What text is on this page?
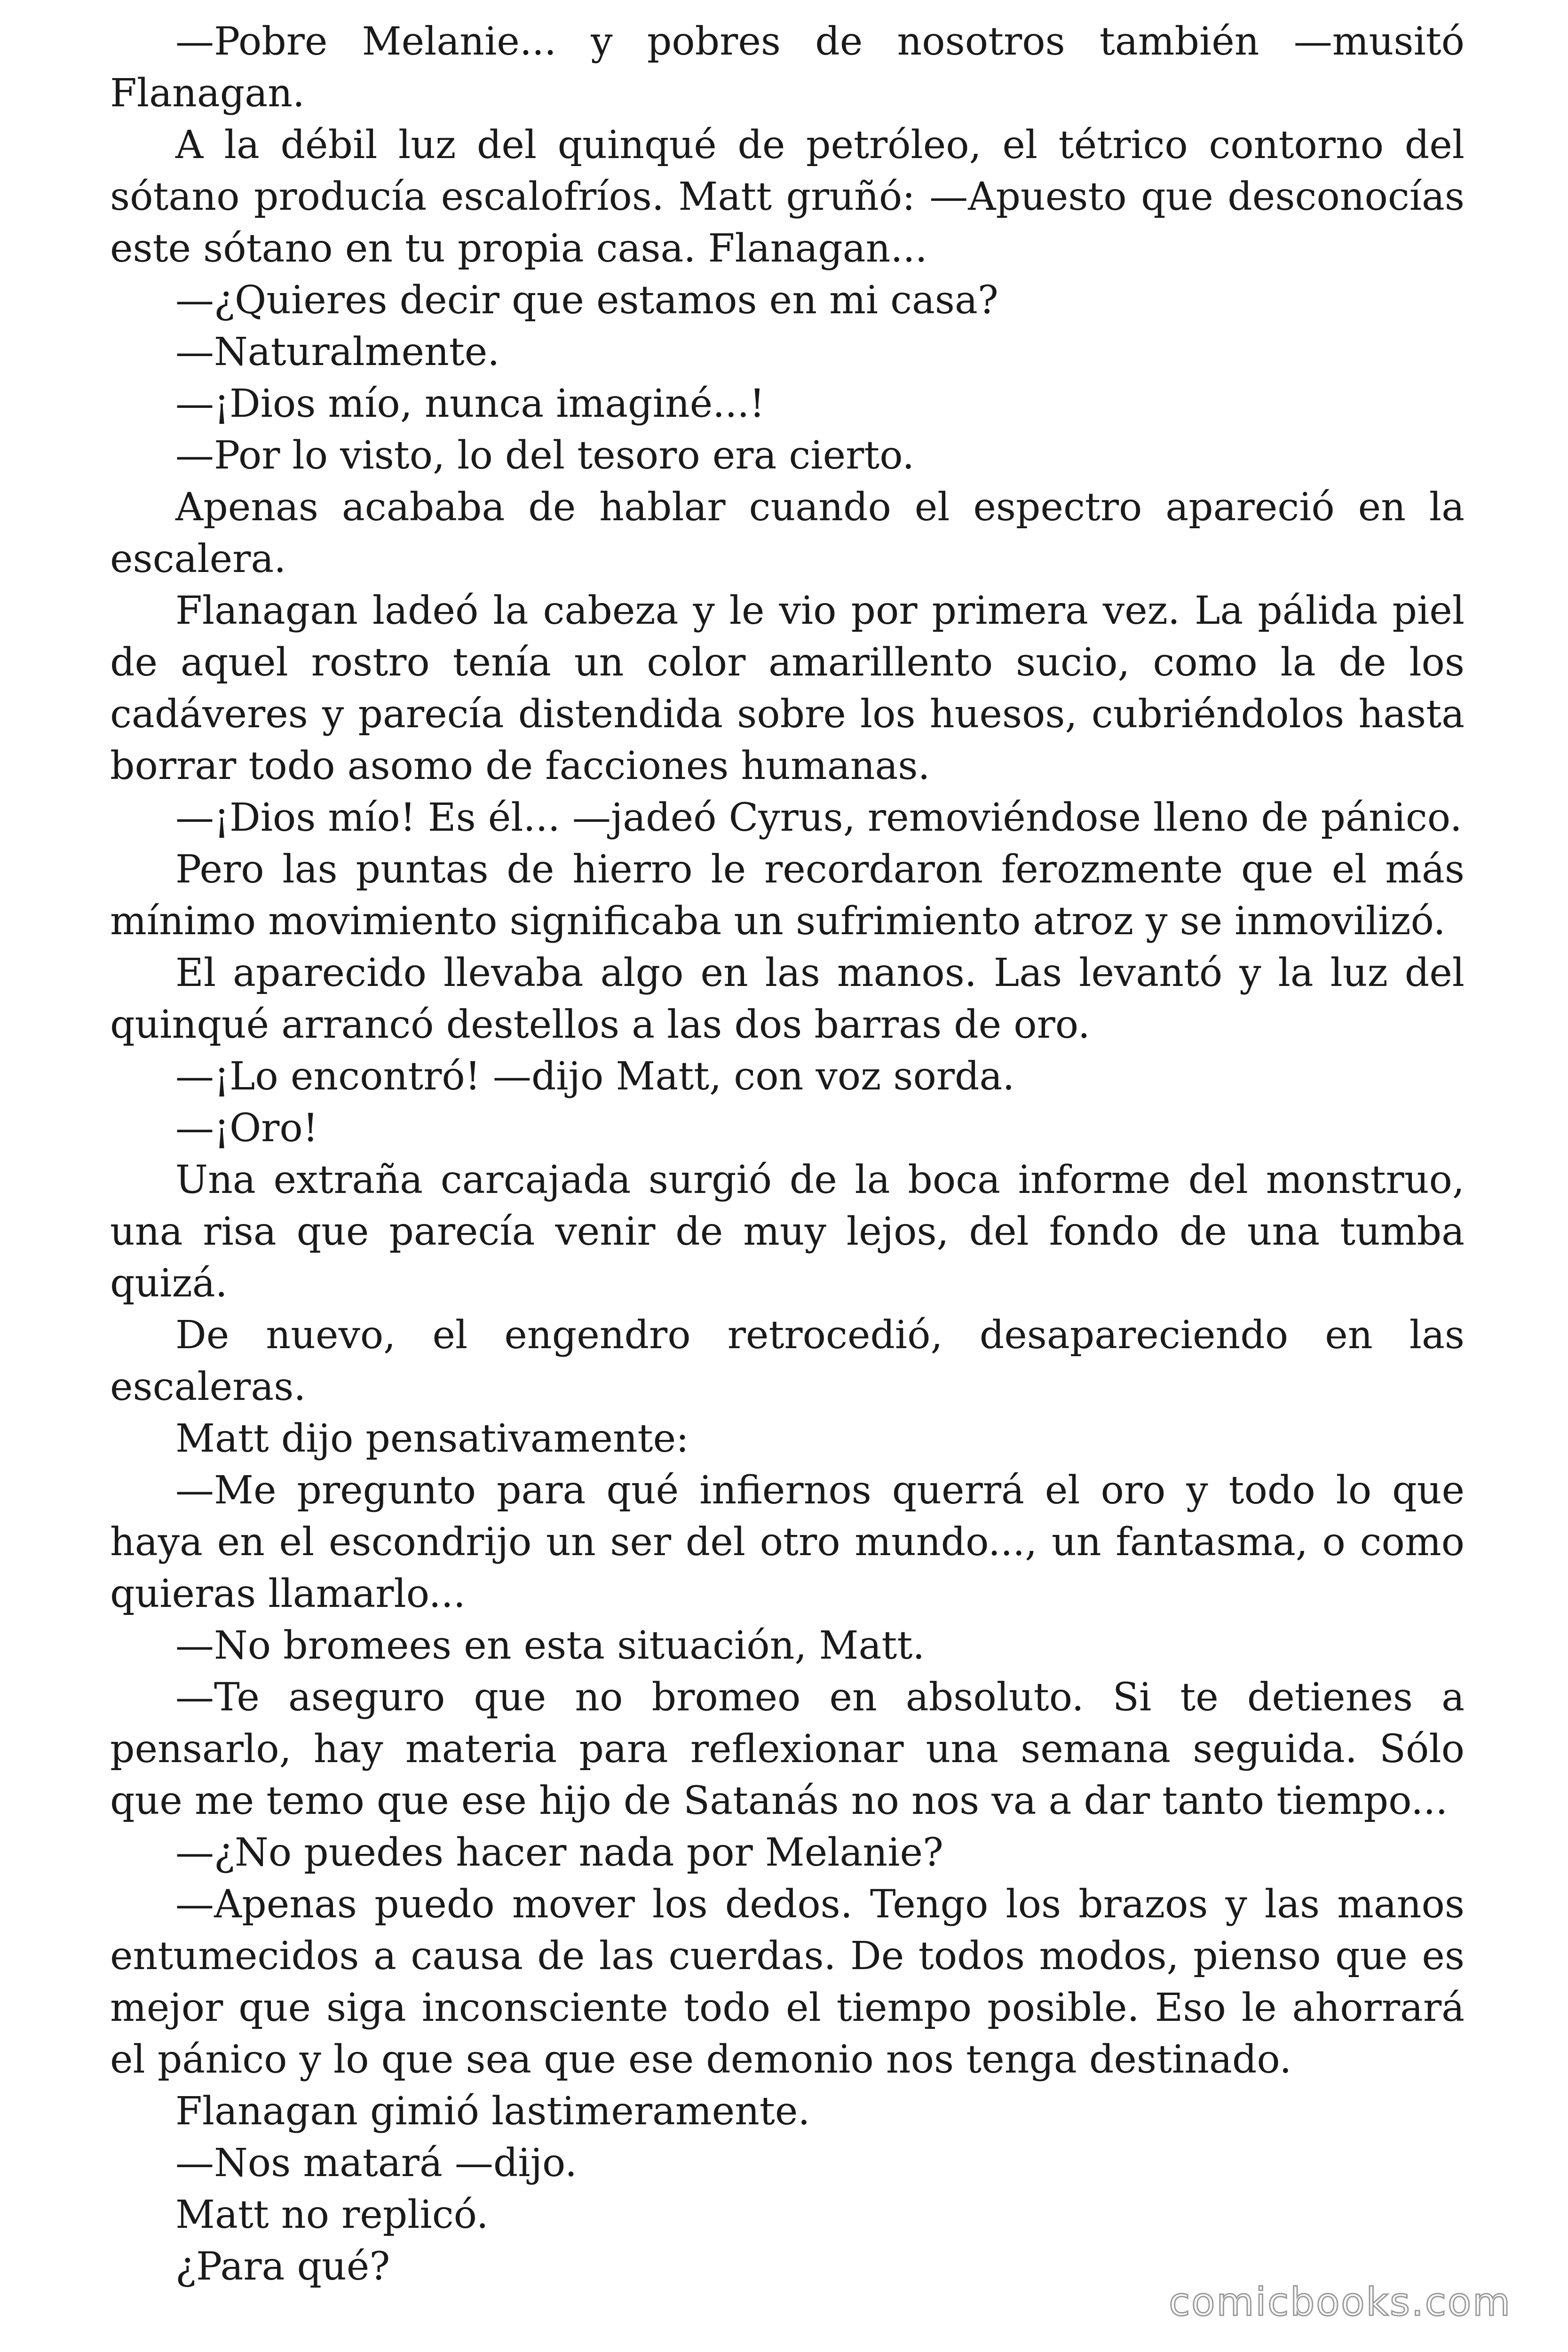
—Pobre Melanie... y pobres de nosotros también —musitó Flanagan.

A la débil luz del quinqué de petróleo, el tétrico contorno del sótano producía escalofríos. Matt gruñó: —Apuesto que desconocías este sótano en tu propia casa. Flanagan...

—¿Quieres decir que estamos en mi casa?

—Naturalmente.

—¡Dios mío, nunca imaginé...!

—Por lo visto, lo del tesoro era cierto.

Apenas acababa de hablar cuando el espectro apareció en la escalera.

Flanagan ladeó la cabeza y le vio por primera vez. La pálida piel de aquel rostro tenía un color amarillento sucio, como la de los cadáveres y parecía distendida sobre los huesos, cubriéndolos hasta borrar todo asomo de facciones humanas.

—¡Dios mío! Es él... —jadeó Cyrus, removiéndose lleno de pánico.

Pero las puntas de hierro le recordaron ferozmente que el más mínimo movimiento significaba un sufrimiento atroz y se inmovilizó.

El aparecido llevaba algo en las manos. Las levantó y la luz del quinqué arrancó destellos a las dos barras de oro.

—¡Lo encontró! —dijo Matt, con voz sorda.

—¡Oro!

Una extraña carcajada surgió de la boca informe del monstruo, una risa que parecía venir de muy lejos, del fondo de una tumba quizá.

De nuevo, el engendro retrocedió, desapareciendo en las escaleras.

Matt dijo pensativamente:

—Me pregunto para qué infiernos querrá el oro y todo lo que haya en el escondrijo un ser del otro mundo..., un fantasma, o como quieras llamarlo...

—No bromees en esta situación, Matt.

—Te aseguro que no bromeo en absoluto. Si te detienes a pensarlo, hay materia para reflexionar una semana seguida. Sólo que me temo que ese hijo de Satanás no nos va a dar tanto tiempo...

—¿No puedes hacer nada por Melanie?

—Apenas puedo mover los dedos. Tengo los brazos y las manos entumecidos a causa de las cuerdas. De todos modos, pienso que es mejor que siga inconsciente todo el tiempo posible. Eso le ahorrará el pánico y lo que sea que ese demonio nos tenga destinado.

Flanagan gimió lastimeramente.

—Nos matará —dijo.

Matt no replicó.

¿Para qué?

comicbooks.com
